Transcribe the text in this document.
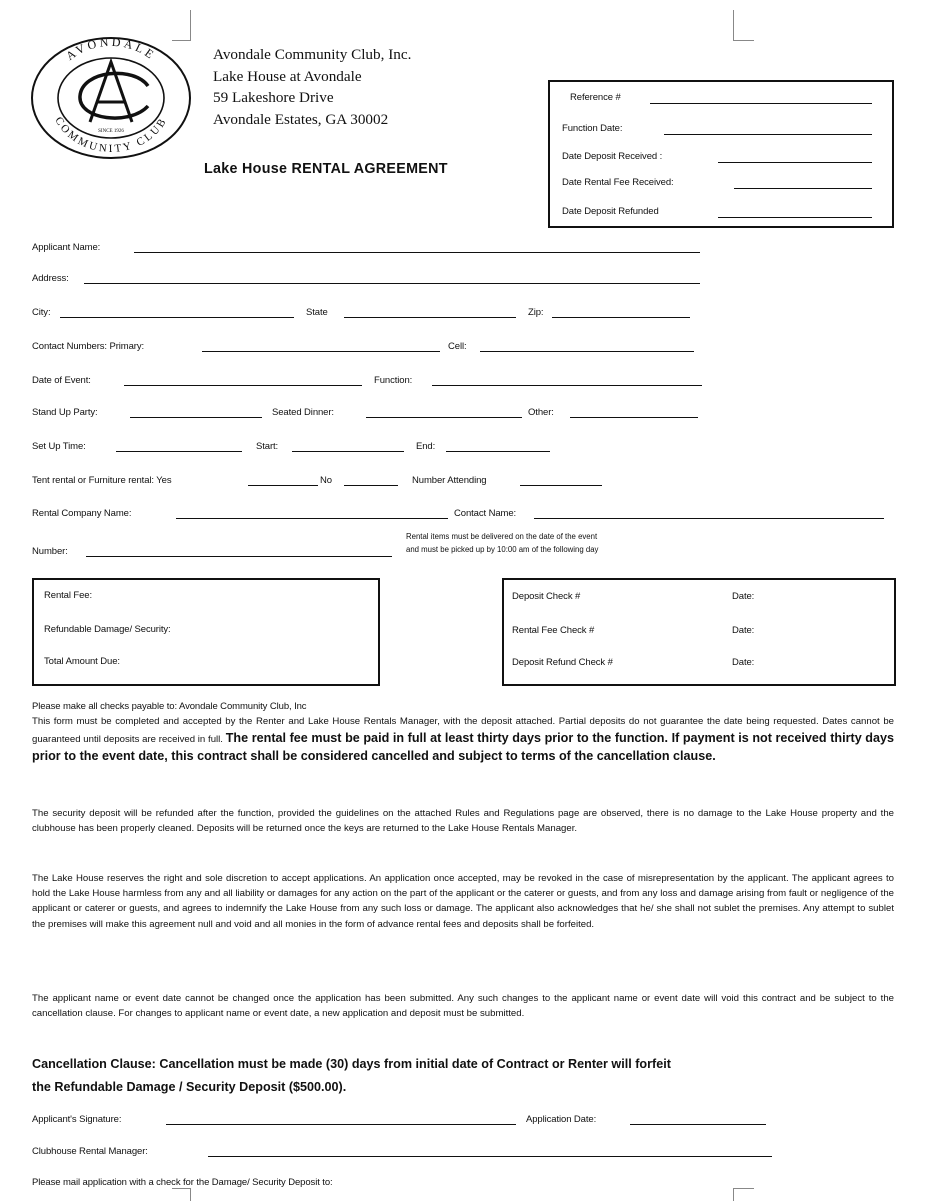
AVONDALE
COMMUNITY CLUB
SINCE 1926
Avondale Community Club, Inc.
Lake House at Avondale
59 Lakeshore Drive
Avondale Estates, GA 30002
Lake House RENTAL AGREEMENT
Reference #
Function Date:
Date Deposit Received :
Date Rental Fee Received:
Date Deposit Refunded
Applicant Name:
Address:
City:	State	Zip:
Contact Numbers: Primary:	Cell:
Date of Event:	Function:
Stand Up Party:	Seated Dinner:	Other:
Set Up Time:	Start:	End:
Tent rental or Furniture rental: Yes	No	Number Attending
Rental Company Name:	Contact Name:
Number:
Rental items must be delivered on the date of the event
and must be picked up by 10:00 am of the following day
Rental Fee:
Refundable Damage/ Security:
Total Amount Due:
Deposit Check #	Date:
Rental Fee Check #	Date:
Deposit Refund Check #	Date:
Please make all checks payable to: Avondale Community Club, Inc
This form must be completed and accepted by the Renter and Lake House Rentals Manager, with the deposit attached. Partial deposits do not guarantee the date being requested. Dates cannot be guaranteed until deposits are received in full. The rental fee must be paid in full at least thirty days prior to the function. If payment is not received thirty days prior to the event date, this contract shall be considered cancelled and subject to terms of the cancellation clause.
The security deposit will be refunded after the function, provided the guidelines on the attached Rules and Regulations page are observed, there is no damage to the Lake House property and the clubhouse has been properly cleaned. Deposits will be returned once the keys are returned to the Lake House Rentals Manager.
The Lake House reserves the right and sole discretion to accept applications. An application once accepted, may be revoked in the case of misrepresentation by the applicant. The applicant agrees to hold the Lake House harmless from any and all liability or damages for any action on the part of the applicant or the caterer or guests, and from any loss and damage arising from fault or negligence of the applicant or caterer or guests, and agrees to indemnify the Lake House from any such loss or damage. The applicant also acknowledges that he/ she shall not sublet the premises. Any attempt to sublet the premises will make this agreement null and void and all monies in the form of advance rental fees and deposits shall be forfeited.
The applicant name or event date cannot be changed once the application has been submitted. Any such changes to the applicant name or event date will void this contract and be subject to the cancellation clause. For changes to applicant name or event date, a new application and deposit must be submitted.
Cancellation Clause: Cancellation must be made (30) days from initial date of Contract or Renter will forfeit
the Refundable Damage / Security Deposit ($500.00).
Applicant's Signature:	Application Date:
Clubhouse Rental Manager:
Please mail application with a check for the Damage/ Security Deposit to:
